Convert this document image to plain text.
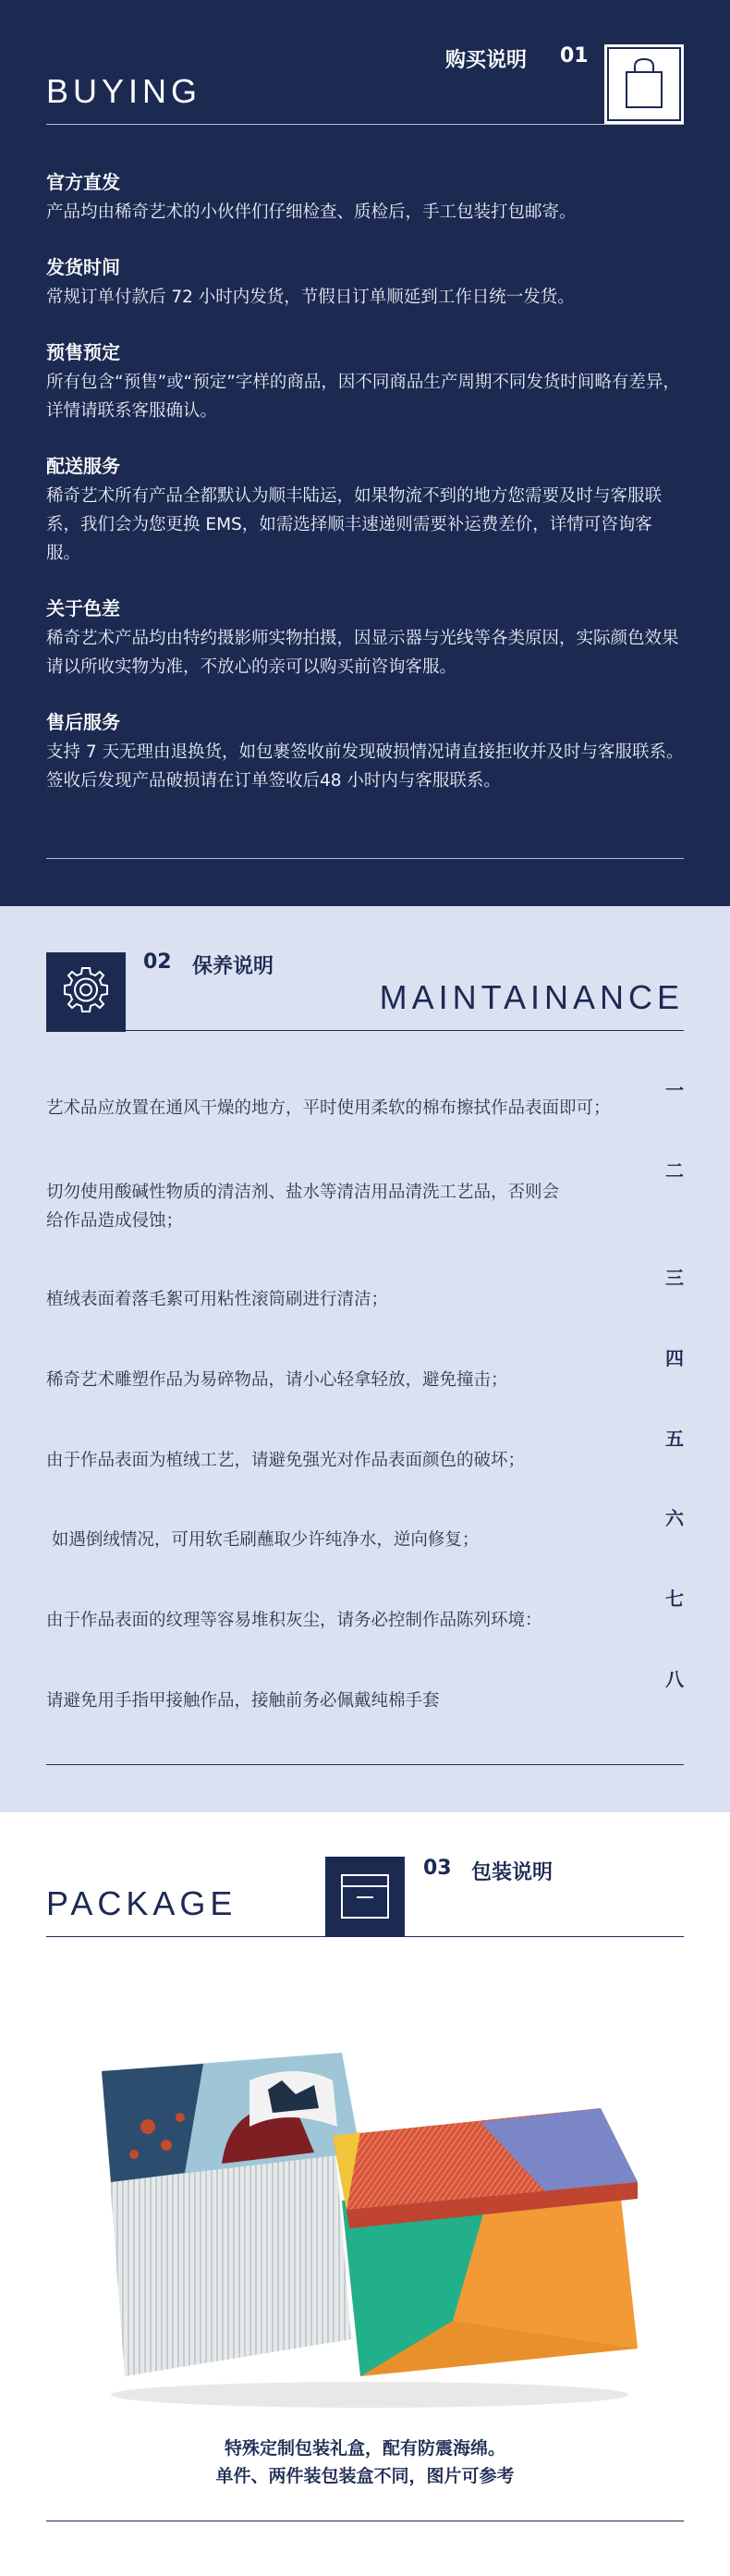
购买说明 01
BUYING
官方直发

产品均由稀奇艺术的小伙伴们仔细检查、质检后，手工包装打包邮寄。

发货时间

常规订单付款后 72 小时内发货，节假日订单顺延到工作日统一发货。

预售预定

所有包含“预售”或“预定”字样的商品，因不同商品生产周期不同发货时间略有差异，详情请联系客服确认。

配送服务

稀奇艺术所有产品全都默认为顺丰陆运，如果物流不到的地方您需要及时与客服联系，我们会为您更换 EMS，如需选择顺丰速递则需要补运费差价，详情可咨询客服。

关于色差

稀奇艺术产品均由特约摄影师实物拍摄，因显示器与光线等各类原因，实际颜色效果请以所收实物为准，不放心的亲可以购买前咨询客服。

售后服务

支持 7 天无理由退换货，如包裹签收前发现破损情况请直接拒收并及时与客服联系。签收后发现产品破损请在订单签收后48 小时内与客服联系。

02 保养说明
MAINTAINANCE
一
艺术品应放置在通风干燥的地方，平时使用柔软的棉布擦拭作品表面即可；
二
切勿使用酸碱性物质的清洁剂、盐水等清洁用品清洗工艺品，否则会给作品造成侵蚀；
三
植绒表面着落毛絮可用粘性滚筒刷进行清洁；
四
稀奇艺术雕塑作品为易碎物品，请小心轻拿轻放，避免撞击；
五
由于作品表面为植绒工艺，请避免强光对作品表面颜色的破坏；
六
如遇倒绒情况，可用软毛刷蘸取少许纯净水，逆向修复；
七
由于作品表面的纹理等容易堆积灰尘，请务必控制作品陈列环境：
八
请避免用手指甲接触作品，接触前务必佩戴纯棉手套
03 包装说明
PACKAGE
特殊定制包装礼盒，配有防震海绵。
单件、两件装包装盒不同，图片可参考
